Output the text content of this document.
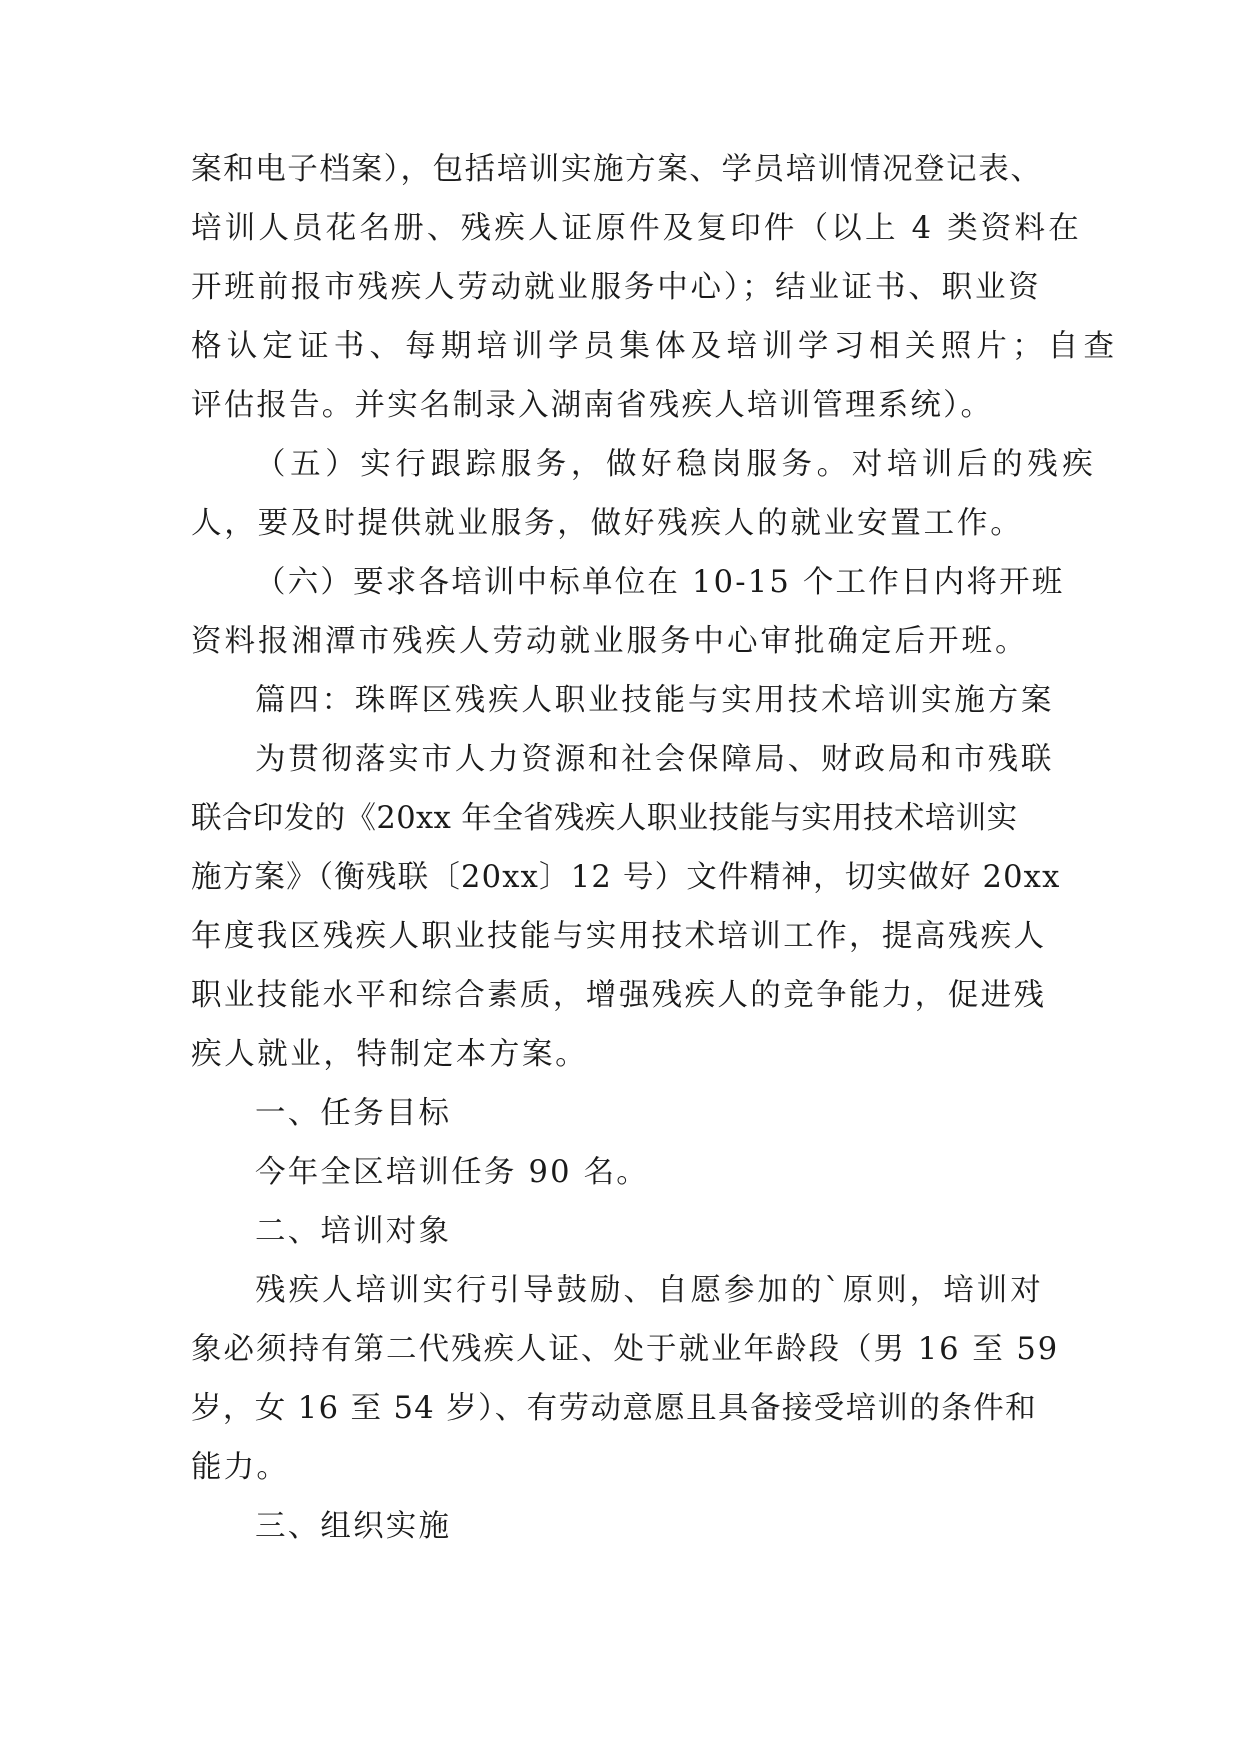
案和电子档案），包括培训实施方案、学员培训情况登记表、

培训人员花名册、残疾人证原件及复印件（以上 4 类资料在

开班前报市残疾人劳动就业服务中心）；结业证书、职业资

格认定证书、每期培训学员集体及培训学习相关照片；自查

评估报告。并实名制录入湖南省残疾人培训管理系统）。

（五）实行跟踪服务，做好稳岗服务。对培训后的残疾

人，要及时提供就业服务，做好残疾人的就业安置工作。

（六）要求各培训中标单位在 10-15 个工作日内将开班

资料报湘潭市残疾人劳动就业服务中心审批确定后开班。

篇四：珠晖区残疾人职业技能与实用技术培训实施方案

为贯彻落实市人力资源和社会保障局、财政局和市残联

联合印发的《20xx 年全省残疾人职业技能与实用技术培训实

施方案》（衡残联〔20xx〕12 号）文件精神，切实做好 20xx

年度我区残疾人职业技能与实用技术培训工作，提高残疾人

职业技能水平和综合素质，增强残疾人的竞争能力，促进残

疾人就业，特制定本方案。

一、任务目标

今年全区培训任务 90 名。

二、培训对象

残疾人培训实行引导鼓励、自愿参加的`原则，培训对

象必须持有第二代残疾人证、处于就业年龄段（男 16 至 59

岁，女 16 至 54 岁）、有劳动意愿且具备接受培训的条件和

能力。

三、组织实施
